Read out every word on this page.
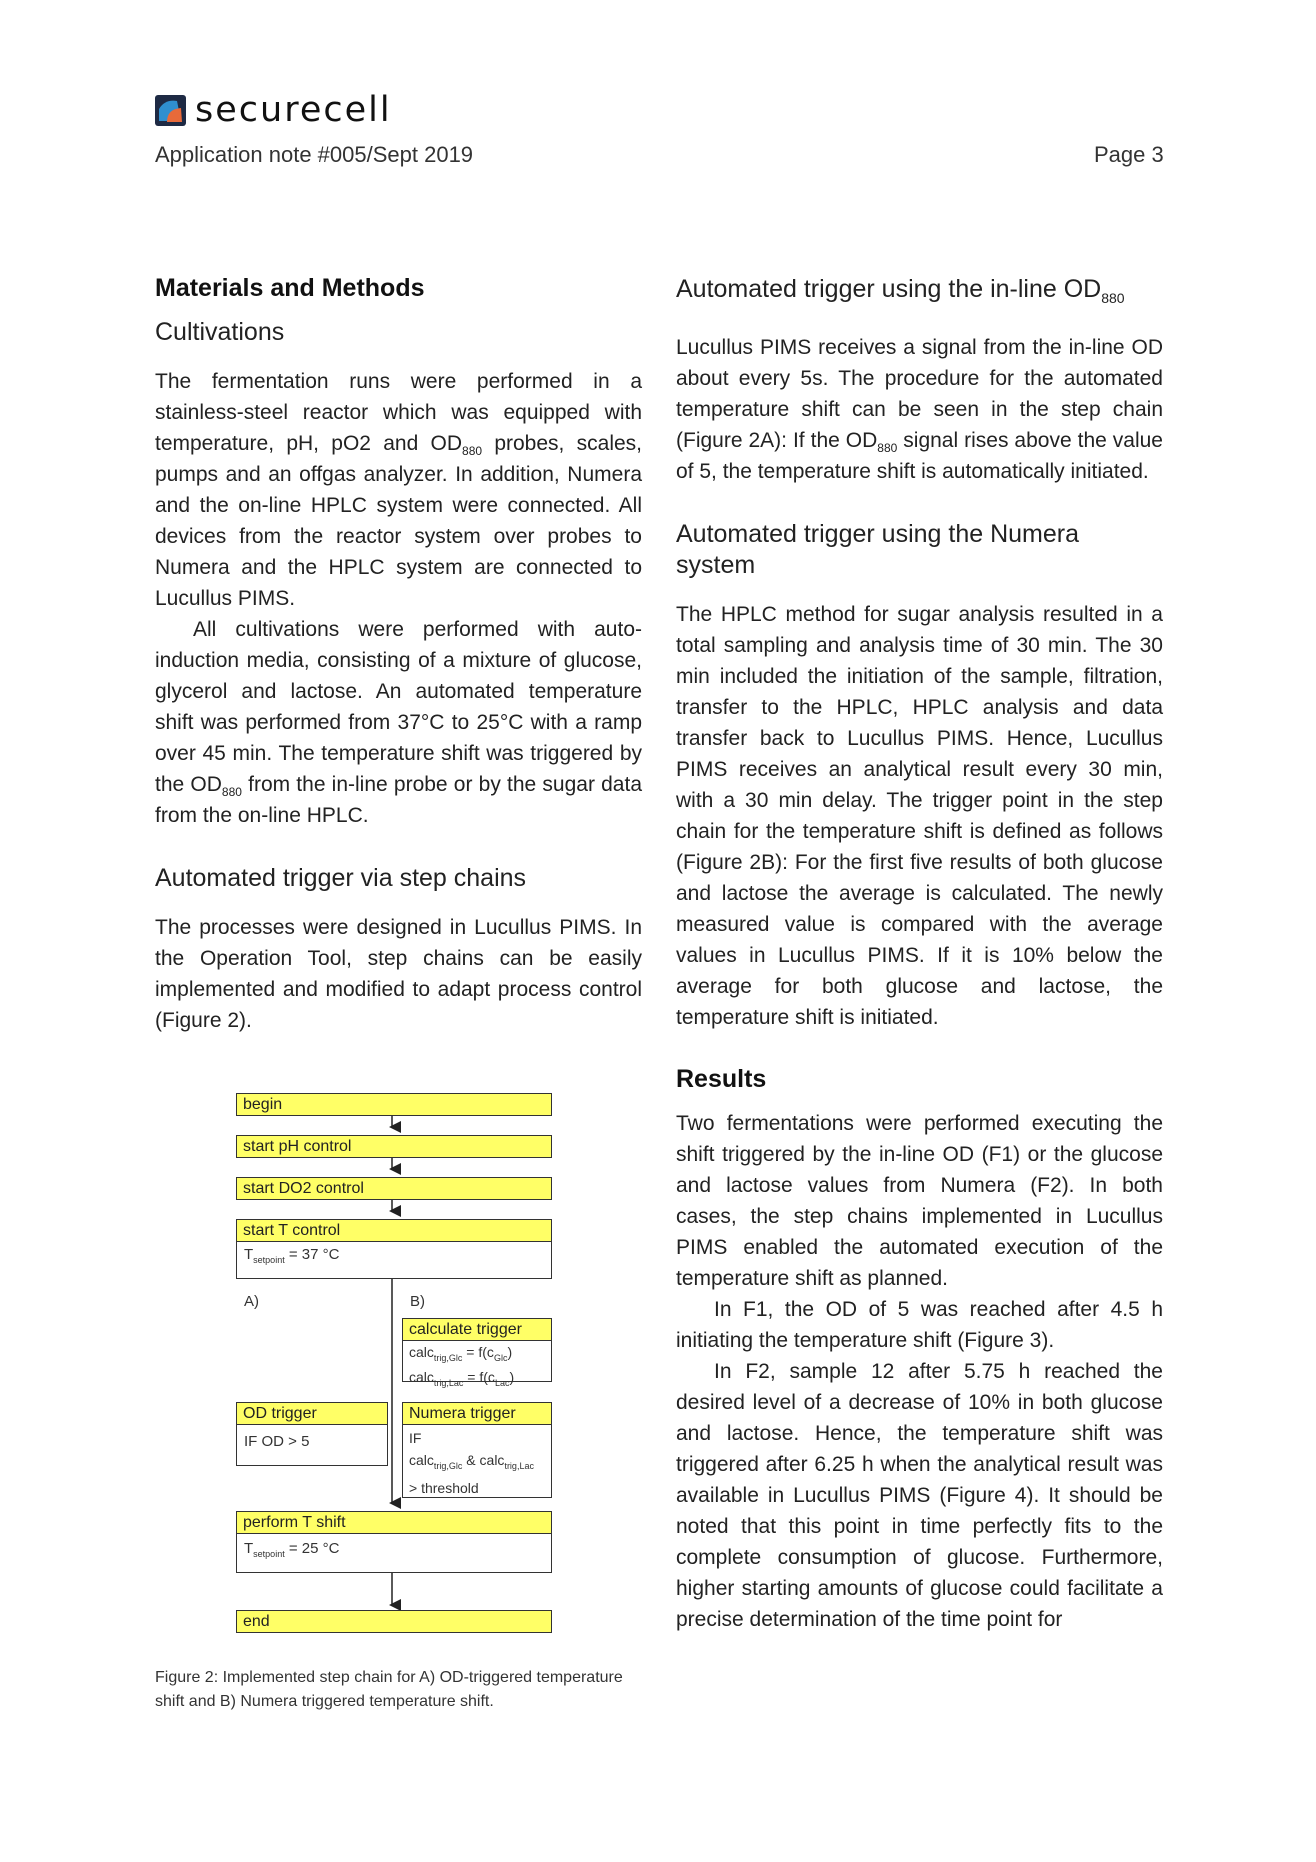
securecell
Application note #005/Sept 2019	Page 3
Materials and Methods
Cultivations

The fermentation runs were performed in a stainless-steel reactor which was equipped with temperature, pH, pO2 and $OD_{880}$ probes, scales, pumps and an offgas analyzer. In addition, Numera and the on-line HPLC system were connected. All devices from the reactor system over probes to Numera and the HPLC system are connected to Lucullus PIMS.

All cultivations were performed with auto-induction media, consisting of a mixture of glucose, glycerol and lactose. An automated temperature shift was performed from 37°C to 25°C with a ramp over 45 min. The temperature shift was triggered by the $OD_{880}$ from the in-line probe or by the sugar data from the on-line HPLC.

Automated trigger via step chains

The processes were designed in Lucullus PIMS. In the Operation Tool, step chains can be easily implemented and modified to adapt process control (Figure 2).

begin
start pH control
start DO2 control
start T control
$T_{setpoint} = 37$ °C
A)	B)
calculate trigger
calc$_{trig,Glc}$ = $f(c_{Glc})$
calc$_{trig,Lac}$ = $f(c_{Lac})$
OD trigger
IF OD > 5
Numera trigger
IF
calc$_{trig,Glc}$ & calc$_{trig,Lac}$
> threshold
perform T shift
$T_{setpoint} = 25$ °C
end
Figure 2: Implemented step chain for A) OD-triggered temperature shift and B) Numera triggered temperature shift.
Automated trigger using the in-line $OD_{880}$

Lucullus PIMS receives a signal from the in-line OD about every 5s. The procedure for the automated temperature shift can be seen in the step chain (Figure 2A): If the $OD_{880}$ signal rises above the value of 5, the temperature shift is automatically initiated.

Automated trigger using the Numera system

The HPLC method for sugar analysis resulted in a total sampling and analysis time of 30 min. The 30 min included the initiation of the sample, filtration, transfer to the HPLC, HPLC analysis and data transfer back to Lucullus PIMS. Hence, Lucullus PIMS receives an analytical result every 30 min, with a 30 min delay. The trigger point in the step chain for the temperature shift is defined as follows (Figure 2B): For the first five results of both glucose and lactose the average is calculated. The newly measured value is compared with the average values in Lucullus PIMS. If it is 10% below the average for both glucose and lactose, the temperature shift is initiated.

Results

Two fermentations were performed executing the shift triggered by the in-line OD (F1) or the glucose and lactose values from Numera (F2). In both cases, the step chains implemented in Lucullus PIMS enabled the automated execution of the temperature shift as planned.

In F1, the OD of 5 was reached after 4.5 h initiating the temperature shift (Figure 3).

In F2, sample 12 after 5.75 h reached the desired level of a decrease of 10% in both glucose and lactose. Hence, the temperature shift was triggered after 6.25 h when the analytical result was available in Lucullus PIMS (Figure 4). It should be noted that this point in time perfectly fits to the complete consumption of glucose. Furthermore, higher starting amounts of glucose could facilitate a precise determination of the time point for
